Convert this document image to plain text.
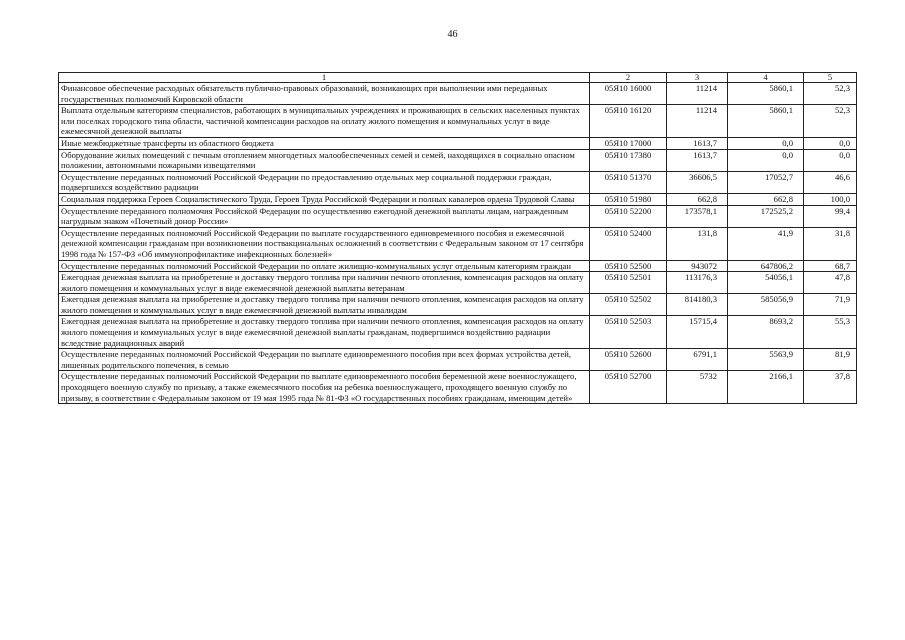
46
1	2	3	4	5
Финансовое обеспечение расходных обязательств публично-правовых образований, возникающих при выполнении ими переданных государственных полномочий Кировской области	05Я10 16000	11214	5860,1	52,3
Выплата отдельным категориям специалистов, работающих в муниципальных учреждениях и проживающих в сельских населенных пунктах или поселках городского типа области, частичной компенсации расходов на оплату жилого помещения и коммунальных услуг в виде ежемесячной денежной выплаты	05Я10 16120	11214	5860,1	52,3
Иные межбюджетные трансферты из областного бюджета	05Я10 17000	1613,7	0,0	0,0
Оборудование жилых помещений с печным отоплением многодетных малообеспеченных семей и семей, находящихся в социально опасном положении, автономными пожарными извещателями	05Я10 17380	1613,7	0,0	0,0
Осуществление переданных полномочий Российской Федерации по предоставлению отдельных мер социальной поддержки граждан, подвергшихся воздействию радиации	05Я10 51370	36606,5	17052,7	46,6
Социальная поддержка Героев Социалистического Труда, Героев Труда Российской Федерации и полных кавалеров ордена Трудовой Славы	05Я10 51980	662,8	662,8	100,0
Осуществление переданного полномочия Российской Федерации по осуществлению ежегодной денежной выплаты лицам, награжденным нагрудным знаком «Почетный донор России»	05Я10 52200	173578,1	172525,2	99,4
Осуществление переданных полномочий Российской Федерации по выплате государственного единовременного пособия и ежемесячной денежной компенсации гражданам при возникновении поствакцинальных осложнений в соответствии с Федеральным законом от 17 сентября 1998 года № 157-ФЗ «Об иммунопрофилактике инфекционных болезней»	05Я10 52400	131,8	41,9	31,8
Осуществление переданных полномочий Российской Федерации по оплате жилищно-коммунальных услуг отдельным категориям граждан	05Я10 52500	943072	647806,2	68,7
Ежегодная денежная выплата на приобретение и доставку твердого топлива при наличии печного отопления, компенсация расходов на оплату жилого помещения и коммунальных услуг в виде ежемесячной денежной выплаты ветеранам	05Я10 52501	113176,3	54056,1	47,8
Ежегодная денежная выплата на приобретение и доставку твердого топлива при наличии печного отопления, компенсация расходов на оплату жилого помещения и коммунальных услуг в виде ежемесячной денежной выплаты инвалидам	05Я10 52502	814180,3	585056,9	71,9
Ежегодная денежная выплата на приобретение и доставку твердого топлива при наличии печного отопления, компенсация расходов на оплату жилого помещения и коммунальных услуг в виде ежемесячной денежной выплаты гражданам, подвергшимся воздействию радиации вследствие радиационных аварий	05Я10 52503	15715,4	8693,2	55,3
Осуществление переданных полномочий Российской Федерации по выплате единовременного пособия при всех формах устройства детей, лишенных родительского попечения, в семью	05Я10 52600	6791,1	5563,9	81,9
Осуществление переданных полномочий Российской Федерации по выплате единовременного пособия беременной жене военнослужащего, проходящего военную службу по призыву, а также ежемесячного пособия на ребенка военнослужащего, проходящего военную службу по призыву, в соответствии с Федеральным законом от 19 мая 1995 года № 81-ФЗ «О государственных пособиях гражданам, имеющим детей»	05Я10 52700	5732	2166,1	37,8
